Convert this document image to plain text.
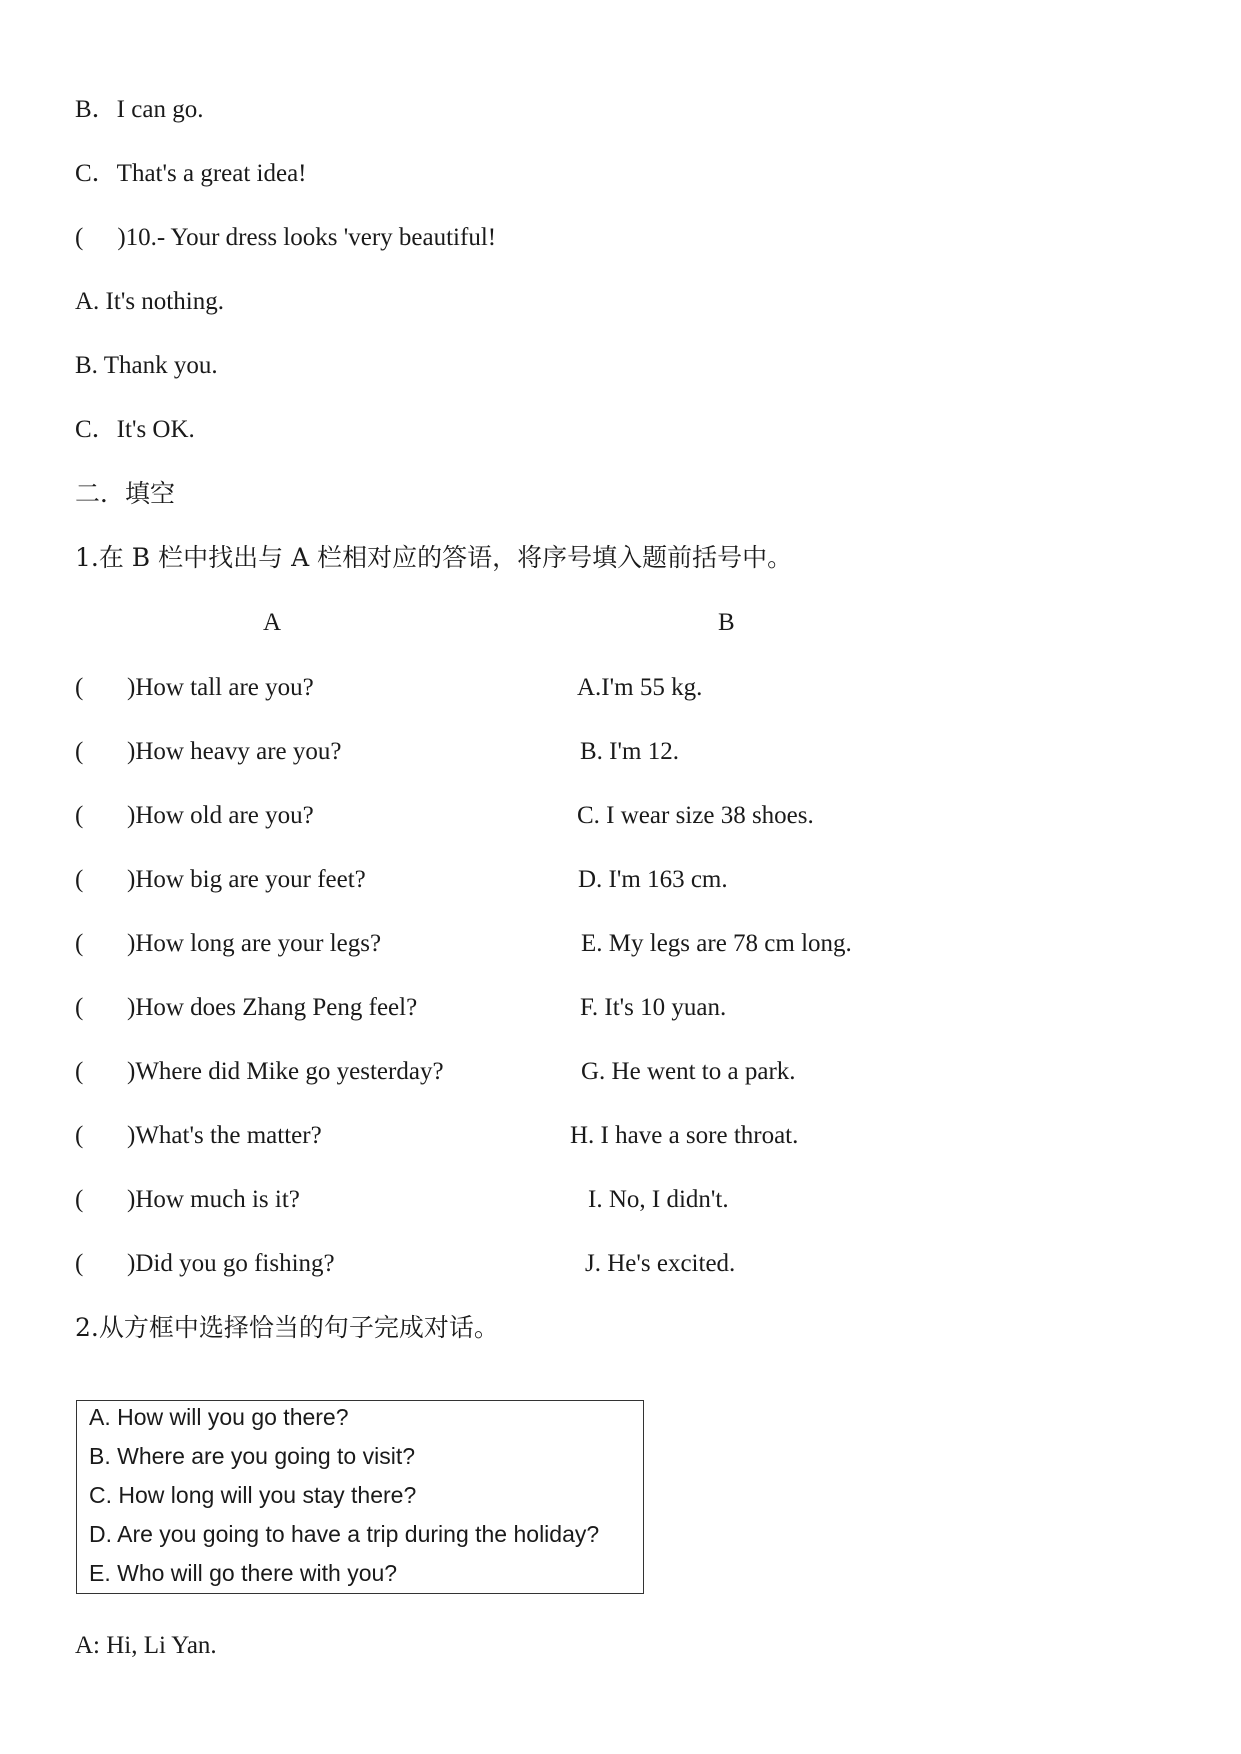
B．I can go.
C．That's a great idea!
( )10.- Your dress looks 'very beautiful!
A. It's nothing.
B. Thank you.
C．It's OK.
二．填空
1.在 B 栏中找出与 A 栏相对应的答语，将序号填入题前括号中。
A	B
( )How tall are you?	A.I'm 55 kg.
( )How heavy are you?	B. I'm 12.
( )How old are you?	C. I wear size 38 shoes.
( )How big are your feet?	D. I'm 163 cm.
( )How long are your legs?	E. My legs are 78 cm long.
( )How does Zhang Peng feel?	F. It's 10 yuan.
( )Where did Mike go yesterday?	G. He went to a park.
( )What's the matter?	H. I have a sore throat.
( )How much is it?	I. No, I didn't.
( )Did you go fishing?	J. He's excited.
2.从方框中选择恰当的句子完成对话。
A. How will you go there?
B. Where are you going to visit?
C. How long will you stay there?
D. Are you going to have a trip during the holiday?
E. Who will go there with you?
A: Hi, Li Yan.
